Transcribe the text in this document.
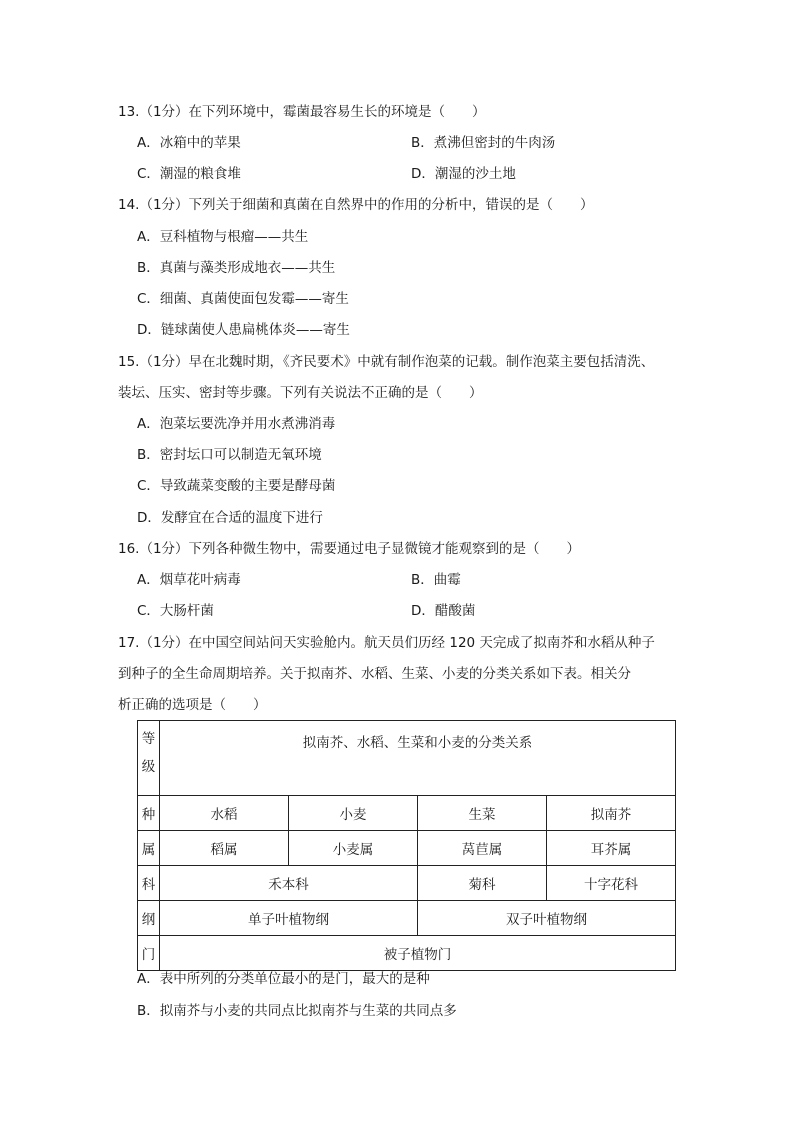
13.（1分）在下列环境中，霉菌最容易生长的环境是（　　）
A．冰箱中的苹果	B．煮沸但密封的牛肉汤
C．潮湿的粮食堆	D．潮湿的沙土地
14.（1分）下列关于细菌和真菌在自然界中的作用的分析中，错误的是（　　）
A．豆科植物与根瘤——共生
B．真菌与藻类形成地衣——共生
C．细菌、真菌使面包发霉——寄生
D．链球菌使人患扁桃体炎——寄生
15.（1分）早在北魏时期，《齐民要术》中就有制作泡菜的记载。制作泡菜主要包括清洗、
装坛、压实、密封等步骤。下列有关说法不正确的是（　　）
A．泡菜坛要洗净并用水煮沸消毒
B．密封坛口可以制造无氧环境
C．导致蔬菜变酸的主要是酵母菌
D．发酵宜在合适的温度下进行
16.（1分）下列各种微生物中，需要通过电子显微镜才能观察到的是（　　）
A．烟草花叶病毒	B．曲霉
C．大肠杆菌	D．醋酸菌
17.（1分）在中国空间站问天实验舱内。航天员们历经 120 天完成了拟南芥和水稻从种子
到种子的全生命周期培养。关于拟南芥、水稻、生菜、小麦的分类关系如下表。相关分
析正确的选项是（　　）
等
级	拟南芥、水稻、生菜和小麦的分类关系			
种	水稻	小麦	生菜	拟南芥
属	稻属	小麦属	莴苣属	耳芥属
科	禾本科		菊科	十字花科
纲	单子叶植物纲		双子叶植物纲	
门	被子植物门			
A．表中所列的分类单位最小的是门，最大的是种
B．拟南芥与小麦的共同点比拟南芥与生菜的共同点多
